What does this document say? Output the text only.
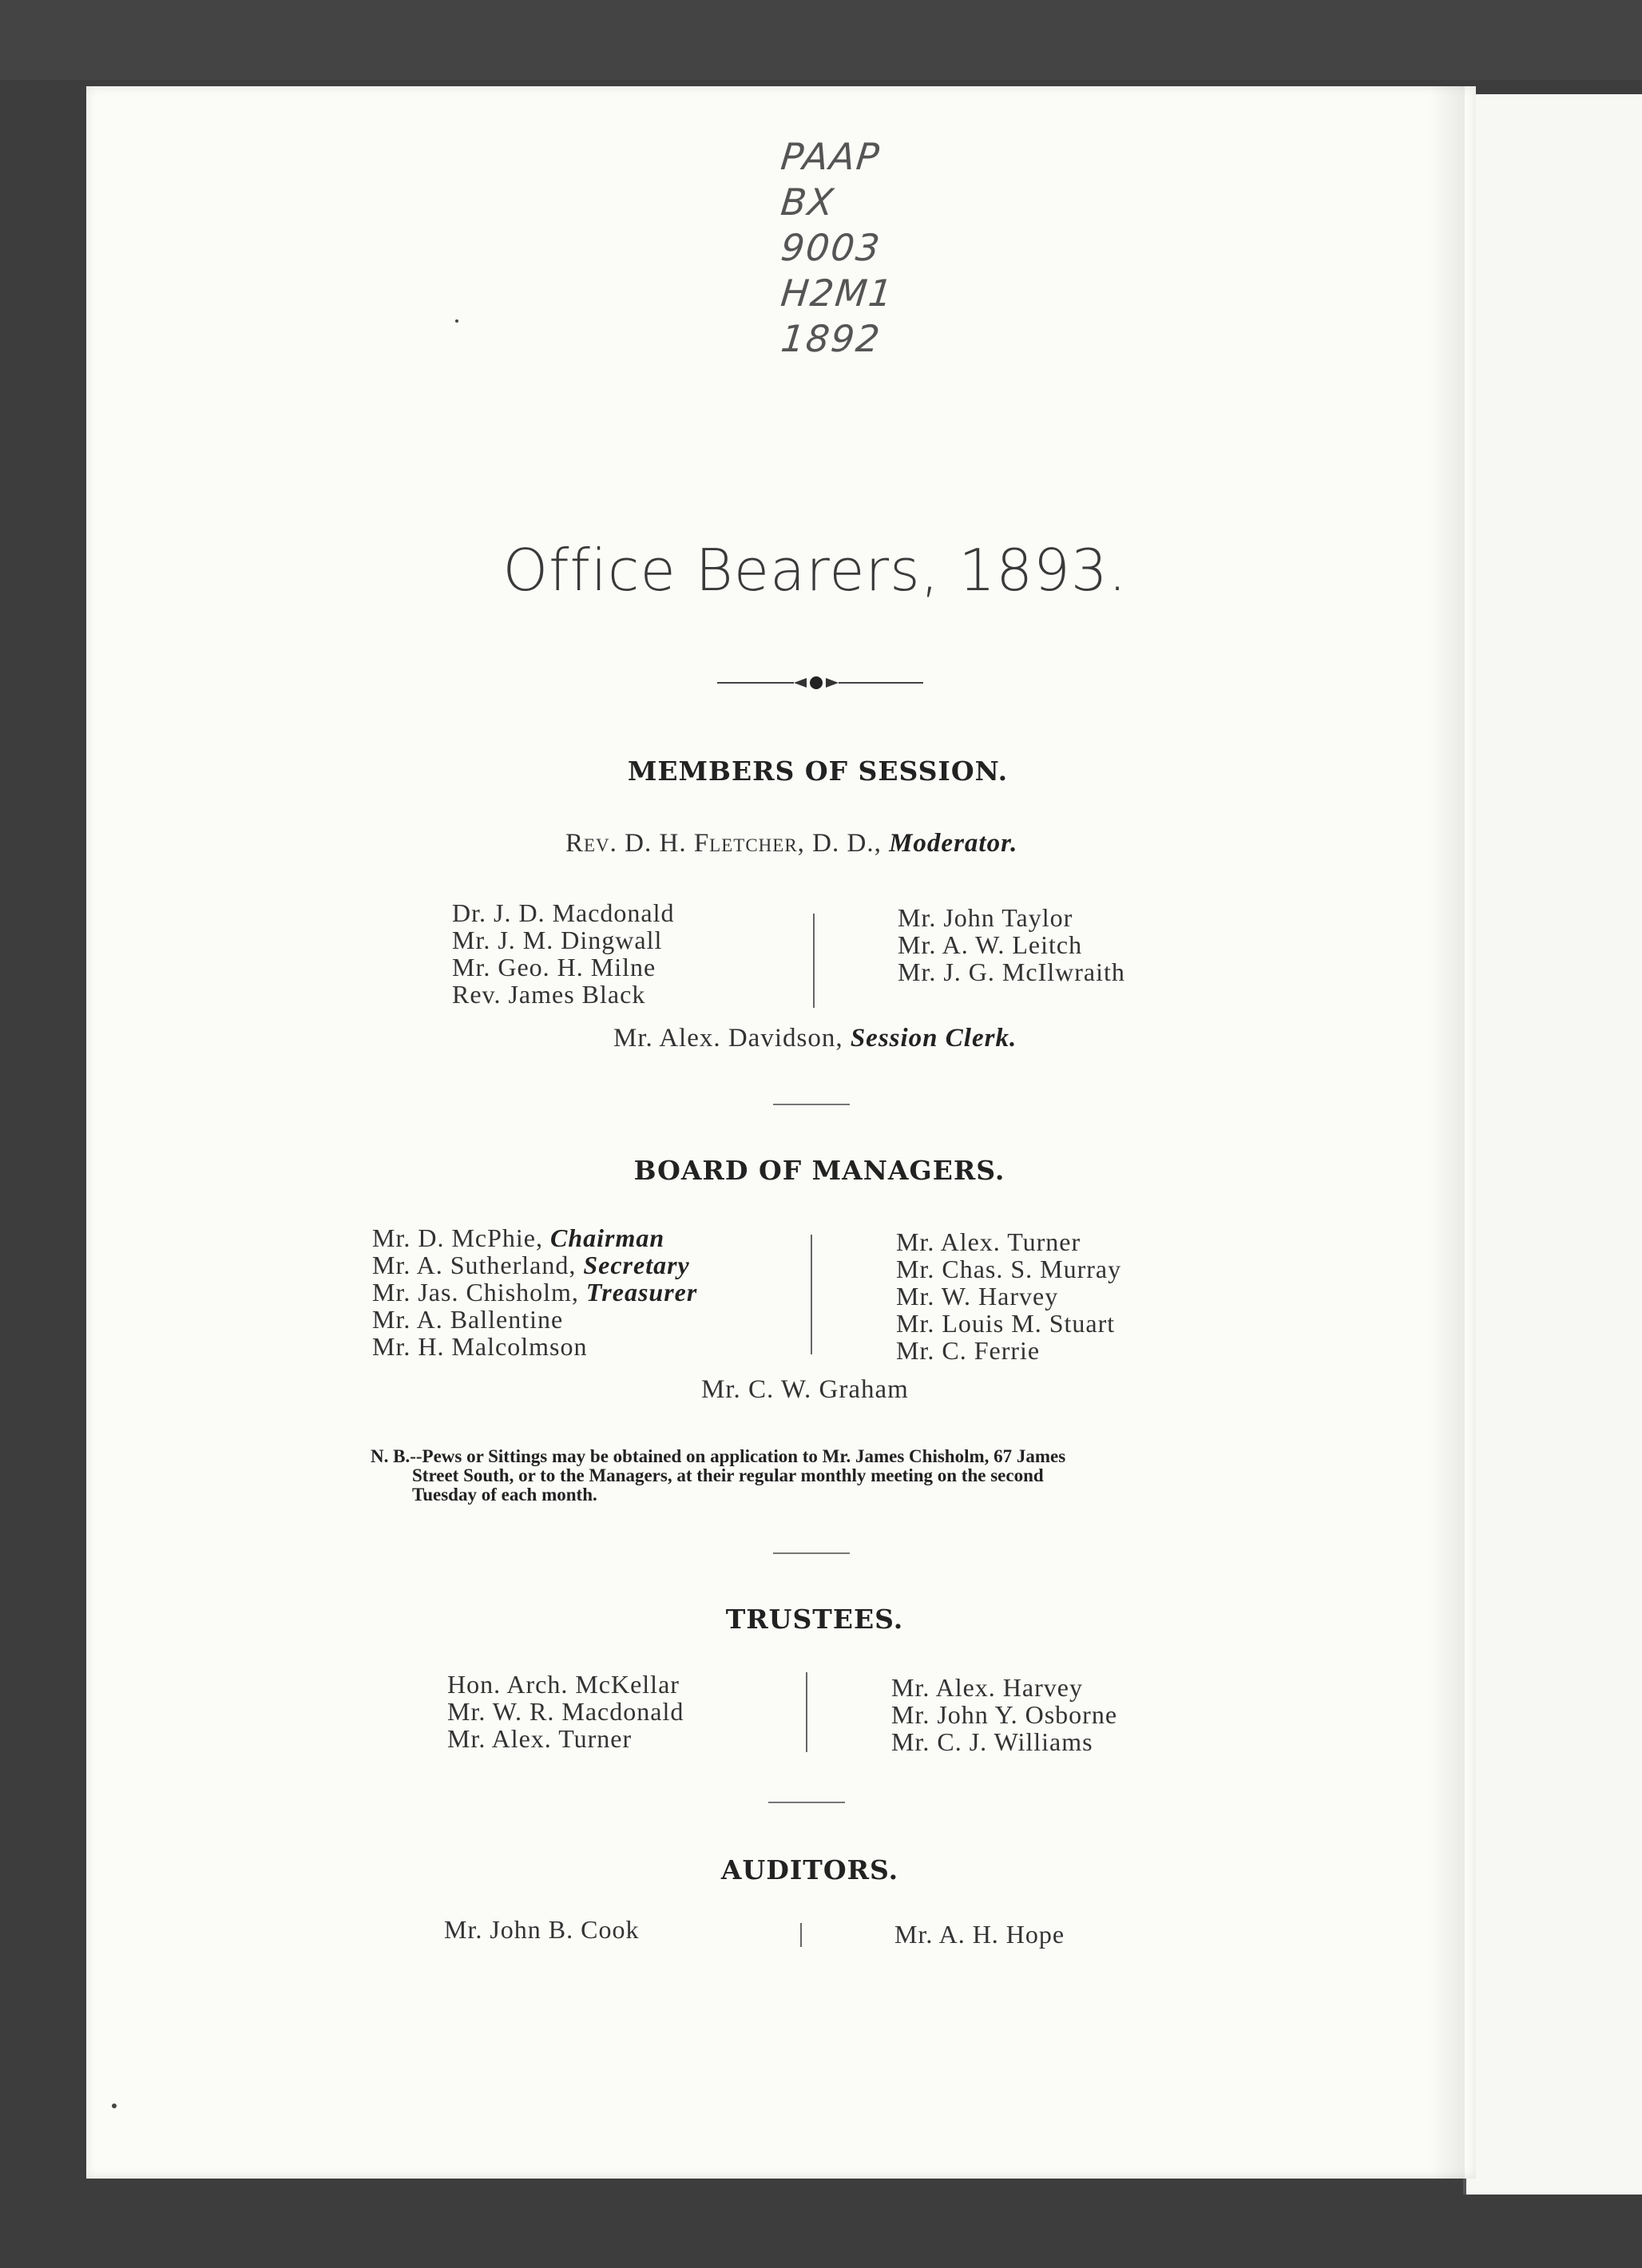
PAAP
BX
9003
H2M1
1892
Office Bearers, 1893.
MEMBERS OF SESSION.
Rev. D. H. Fletcher, D. D., Moderator.
Dr. J. D. Macdonald
Mr. J. M. Dingwall
Mr. Geo. H. Milne
Rev. James Black
Mr. John Taylor
Mr. A. W. Leitch
Mr. J. G. McIlwraith
Mr. Alex. Davidson, Session Clerk.
BOARD OF MANAGERS.
Mr. D. McPhie, Chairman
Mr. A. Sutherland, Secretary
Mr. Jas. Chisholm, Treasurer
Mr. A. Ballentine
Mr. H. Malcolmson
Mr. Alex. Turner
Mr. Chas. S. Murray
Mr. W. Harvey
Mr. Louis M. Stuart
Mr. C. Ferrie
Mr. C. W. Graham
N. B.--Pews or Sittings may be obtained on application to Mr. James Chisholm, 67 James
Street South, or to the Managers, at their regular monthly meeting on the second
Tuesday of each month.
TRUSTEES.
Hon. Arch. McKellar
Mr. W. R. Macdonald
Mr. Alex. Turner
Mr. Alex. Harvey
Mr. John Y. Osborne
Mr. C. J. Williams
AUDITORS.
Mr. John B. Cook	Mr. A. H. Hope
